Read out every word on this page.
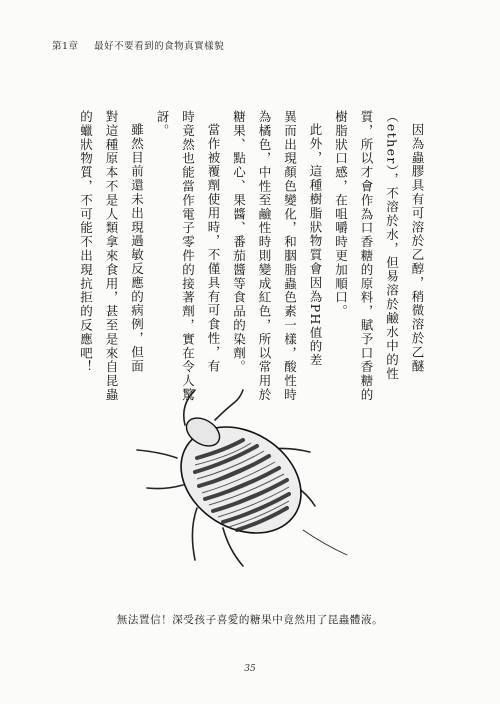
第1章 最好不要看到的食物真實樣貌

因為蟲膠具有可溶於乙醇，稍微溶於乙醚

（ether），不溶於水，但易溶於鹼水中的性

質，所以才會作為口香糖的原料，賦予口香糖的

樹脂狀口感，在咀嚼時更加順口。

此外，這種樹脂狀物質會因為PH值的差

異而出現顏色變化，和胭脂蟲色素一樣，酸性時

為橘色，中性至鹼性時則變成紅色，所以常用於

糖果、點心、果醬、番茄醬等食品的染劑。

當作被覆劑使用時，不僅具有可食性，有

時竟然也能當作電子零件的接著劑，實在令人驚

訝。

雖然目前還未出現過敏反應的病例，但面

對這種原本不是人類拿來食用，甚至是來自昆蟲

的蠟狀物質，不可能不出現抗拒的反應吧！

無法置信！深受孩子喜愛的糖果中竟然用了昆蟲體液。
35
